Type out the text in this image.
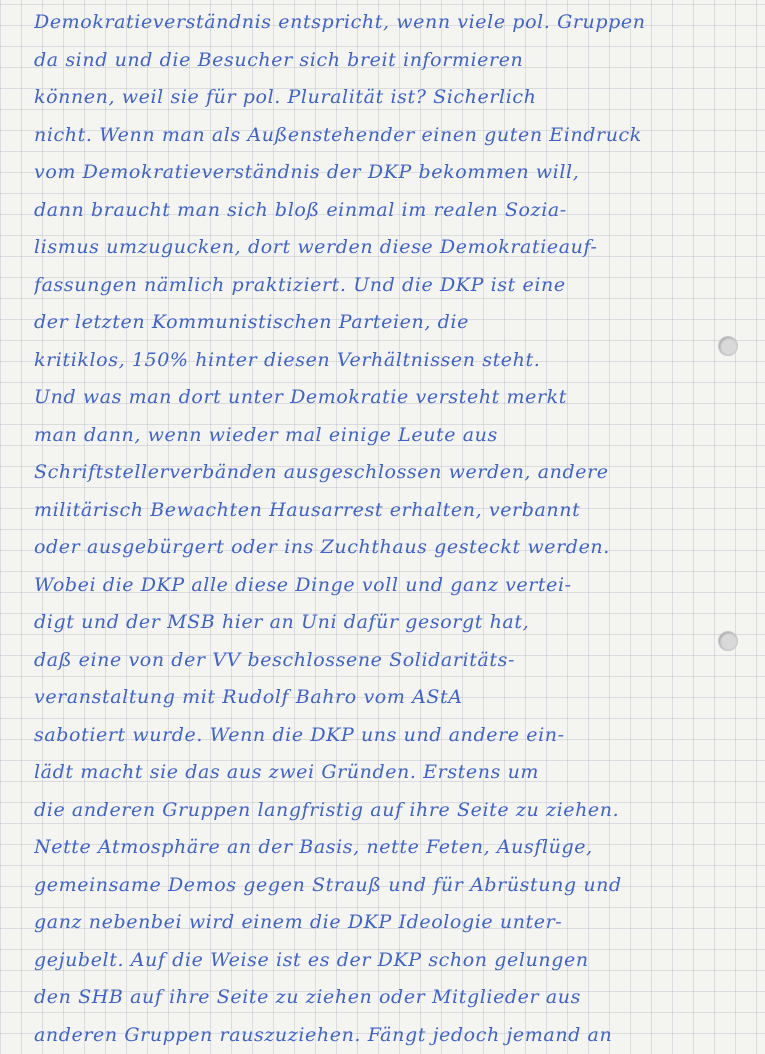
Demokratieverständnis entspricht, wenn viele pol. Gruppen
da sind und die Besucher sich breit informieren
können, weil sie für pol. Pluralität ist? Sicherlich
nicht. Wenn man als Außenstehender einen guten Eindruck
vom Demokratieverständnis der DKP bekommen will,
dann braucht man sich bloß einmal im realen Sozia-
lismus umzugucken, dort werden diese Demokratieauf-
fassungen nämlich praktiziert. Und die DKP ist eine
der letzten Kommunistischen Parteien, die
kritiklos, 150% hinter diesen Verhältnissen steht.
Und was man dort unter Demokratie versteht merkt
man dann, wenn wieder mal einige Leute aus
Schriftstellerverbänden ausgeschlossen werden, andere
militärisch Bewachten Hausarrest erhalten, verbannt
oder ausgebürgert oder ins Zuchthaus gesteckt werden.
Wobei die DKP alle diese Dinge voll und ganz vertei-
digt und der MSB hier an Uni dafür gesorgt hat,
daß eine von der VV beschlossene Solidaritäts-
veranstaltung mit Rudolf Bahro vom AStA
sabotiert wurde. Wenn die DKP uns und andere ein-
lädt macht sie das aus zwei Gründen. Erstens um
die anderen Gruppen langfristig auf ihre Seite zu ziehen.
Nette Atmosphäre an der Basis, nette Feten, Ausflüge,
gemeinsame Demos gegen Strauß und für Abrüstung und
ganz nebenbei wird einem die DKP Ideologie unter-
gejubelt. Auf die Weise ist es der DKP schon gelungen
den SHB auf ihre Seite zu ziehen oder Mitglieder aus
anderen Gruppen rauszuziehen. Fängt jedoch jemand an
